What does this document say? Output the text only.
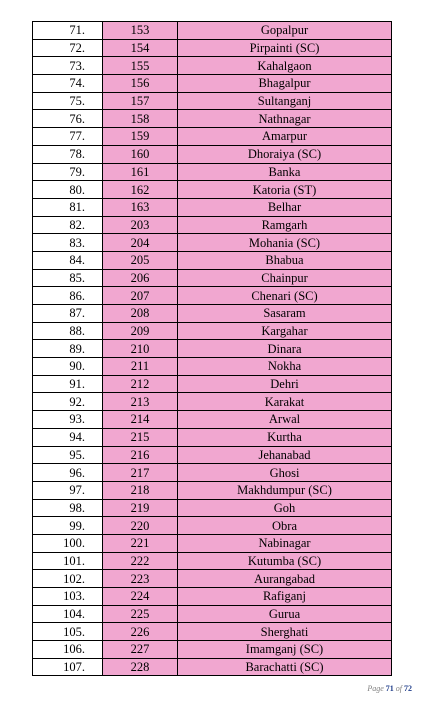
71.	153	Gopalpur
72.	154	Pirpainti (SC)
73.	155	Kahalgaon
74.	156	Bhagalpur
75.	157	Sultanganj
76.	158	Nathnagar
77.	159	Amarpur
78.	160	Dhoraiya (SC)
79.	161	Banka
80.	162	Katoria (ST)
81.	163	Belhar
82.	203	Ramgarh
83.	204	Mohania (SC)
84.	205	Bhabua
85.	206	Chainpur
86.	207	Chenari (SC)
87.	208	Sasaram
88.	209	Kargahar
89.	210	Dinara
90.	211	Nokha
91.	212	Dehri
92.	213	Karakat
93.	214	Arwal
94.	215	Kurtha
95.	216	Jehanabad
96.	217	Ghosi
97.	218	Makhdumpur (SC)
98.	219	Goh
99.	220	Obra
100.	221	Nabinagar
101.	222	Kutumba (SC)
102.	223	Aurangabad
103.	224	Rafiganj
104.	225	Gurua
105.	226	Sherghati
106.	227	Imamganj (SC)
107.	228	Barachatti (SC)
Page 71 of 72
